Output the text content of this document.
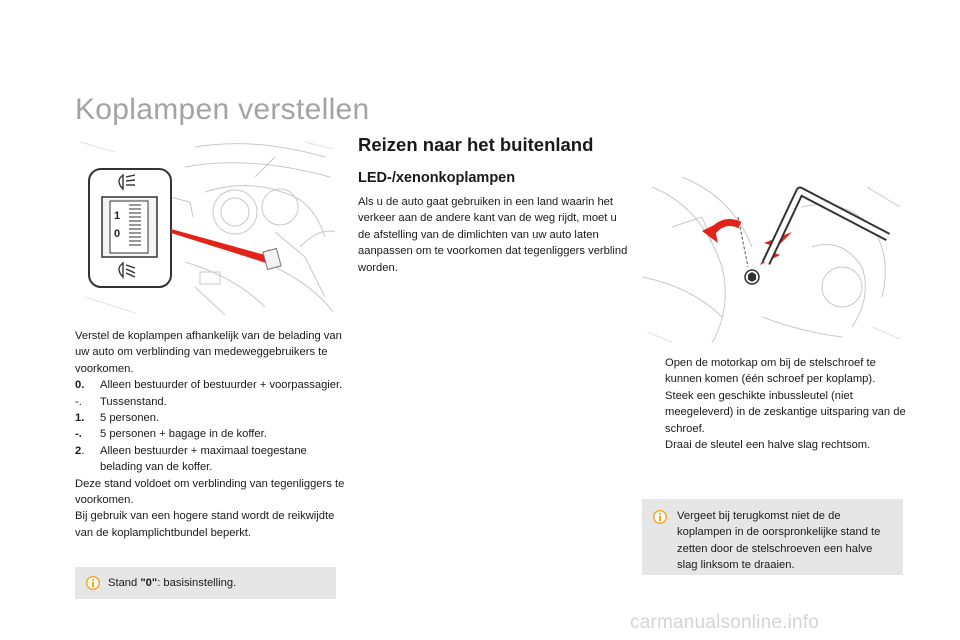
Koplampen verstellen
1
0
Reizen naar het buitenland
LED-/xenonkoplampen
Als u de auto gaat gebruiken in een land waarin het verkeer aan de andere kant van de weg rijdt, moet u de afstelling van de dimlichten van uw auto laten aanpassen om te voorkomen dat tegenliggers verblind worden.

Verstel de koplampen afhankelijk van de belading van uw auto om verblinding van medeweggebruikers te voorkomen.

0.	Alleen bestuurder of bestuurder + voorpassagier.
-.	Tussenstand.
1.	5 personen.
-.	5 personen + bagage in de koffer.
2.	Alleen bestuurder + maximaal toegestane belading van de koffer.

Deze stand voldoet om verblinding van tegenliggers te voorkomen.

Bij gebruik van een hogere stand wordt de reikwijdte van de koplamplichtbundel beperkt.

Stand "0": basisinstelling.
Open de motorkap om bij de stelschroef te kunnen komen (één schroef per koplamp).
Steek een geschikte inbussleutel (niet meegeleverd) in de zeskantige uitsparing van de schroef.
Draai de sleutel een halve slag rechtsom.
Vergeet bij terugkomst niet de de koplampen in de oorspronkelijke stand te zetten door de stelschroeven een halve slag linksom te draaien.
carmanualsonline.info
